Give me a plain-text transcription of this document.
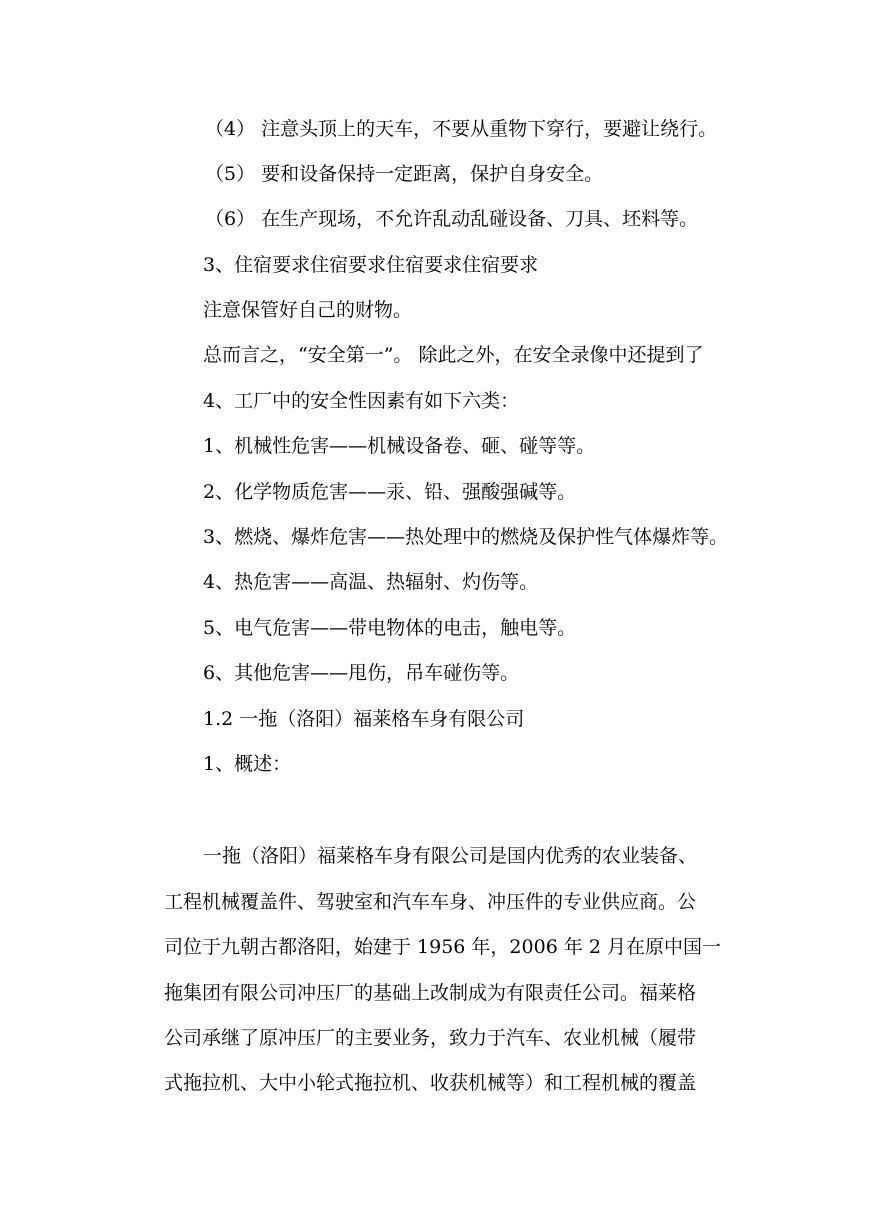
（4） 注意头顶上的天车，不要从重物下穿行，要避让绕行。
（5） 要和设备保持一定距离，保护自身安全。
（6） 在生产现场，不允许乱动乱碰设备、刀具、坯料等。
3、住宿要求住宿要求住宿要求住宿要求
注意保管好自己的财物。
总而言之，“安全第一”。 除此之外，在安全录像中还提到了
4、工厂中的安全性因素有如下六类：
1、机械性危害——机械设备卷、砸、碰等等。
2、化学物质危害——汞、铅、强酸强碱等。
3、燃烧、爆炸危害——热处理中的燃烧及保护性气体爆炸等。
4、热危害——高温、热辐射、灼伤等。
5、电气危害——带电物体的电击，触电等。
6、其他危害——甩伤，吊车碰伤等。
1.2 一拖（洛阳）福莱格车身有限公司
1、概述：
一拖（洛阳）福莱格车身有限公司是国内优秀的农业装备、
工程机械覆盖件、驾驶室和汽车车身、冲压件的专业供应商。公
司位于九朝古都洛阳，始建于 1956 年，2006 年 2 月在原中国一
拖集团有限公司冲压厂的基础上改制成为有限责任公司。福莱格
公司承继了原冲压厂的主要业务，致力于汽车、农业机械（履带
式拖拉机、大中小轮式拖拉机、收获机械等）和工程机械的覆盖
